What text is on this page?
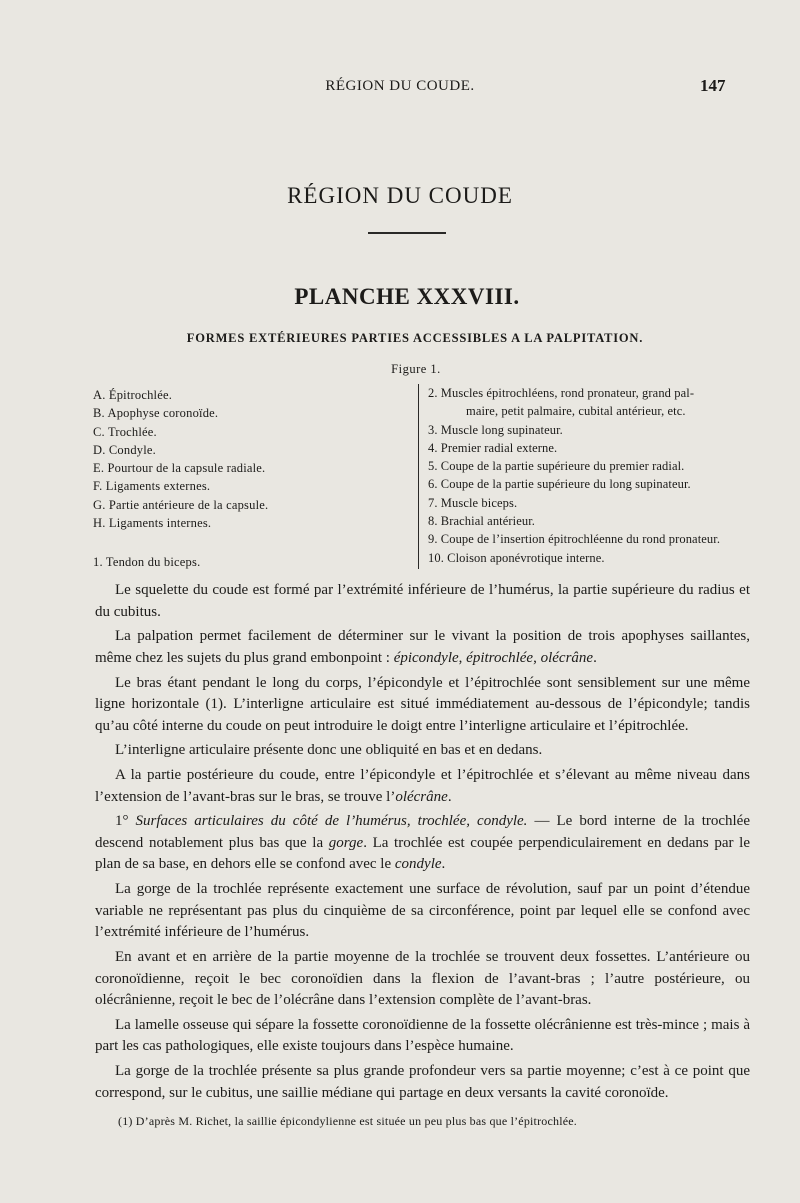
RÉGION DU COUDE.	147
RÉGION DU COUDE
PLANCHE XXXVIII.
FORMES EXTÉRIEURES PARTIES ACCESSIBLES A LA PALPITATION.
Figure 1.
A. Épitrochlée.
B. Apophyse coronoïde.
C. Trochlée.
D. Condyle.
E. Pourtour de la capsule radiale.
F. Ligaments externes.
G. Partie antérieure de la capsule.
H. Ligaments internes.
1. Tendon du biceps.
2. Muscles épitrochléens, rond pronateur, grand pal-
maire, petit palmaire, cubital antérieur, etc.
3. Muscle long supinateur.
4. Premier radial externe.
5. Coupe de la partie supérieure du premier radial.
6. Coupe de la partie supérieure du long supinateur.
7. Muscle biceps.
8. Brachial antérieur.
9. Coupe de l’insertion épitrochléenne du rond pronateur.
10. Cloison aponévrotique interne.

Le squelette du coude est formé par l’extrémité inférieure de l’humérus, la partie supérieure du radius et du cubitus.

La palpation permet facilement de déterminer sur le vivant la position de trois apophyses saillantes, même chez les sujets du plus grand embonpoint : épicondyle, épitrochlée, olécrâne.

Le bras étant pendant le long du corps, l’épicondyle et l’épitrochlée sont sensiblement sur une même ligne horizontale (1). L’interligne articulaire est situé immédiatement au-dessous de l’épicondyle; tandis qu’au côté interne du coude on peut introduire le doigt entre l’interligne articulaire et l’épitrochlée.

L’interligne articulaire présente donc une obliquité en bas et en dedans.

A la partie postérieure du coude, entre l’épicondyle et l’épitrochlée et s’élevant au même niveau dans l’extension de l’avant-bras sur le bras, se trouve l’olécrâne.

1° Surfaces articulaires du côté de l’humérus, trochlée, condyle. — Le bord interne de la trochlée descend notablement plus bas que la gorge. La trochlée est coupée perpendiculairement en dedans par le plan de sa base, en dehors elle se confond avec le condyle.

La gorge de la trochlée représente exactement une surface de révolution, sauf par un point d’étendue variable ne représentant pas plus du cinquième de sa circonférence, point par lequel elle se confond avec l’extrémité inférieure de l’humérus.

En avant et en arrière de la partie moyenne de la trochlée se trouvent deux fossettes. L’antérieure ou coronoïdienne, reçoit le bec coronoïdien dans la flexion de l’avant-bras ; l’autre postérieure, ou olécrânienne, reçoit le bec de l’olécrâne dans l’extension complète de l’avant-bras.

La lamelle osseuse qui sépare la fossette coronoïdienne de la fossette olécrânienne est très-mince ; mais à part les cas pathologiques, elle existe toujours dans l’espèce humaine.

La gorge de la trochlée présente sa plus grande profondeur vers sa partie moyenne; c’est à ce point que correspond, sur le cubitus, une saillie médiane qui partage en deux versants la cavité coronoïde.

(1) D’après M. Richet, la saillie épicondylienne est située un peu plus bas que l’épitrochlée.
